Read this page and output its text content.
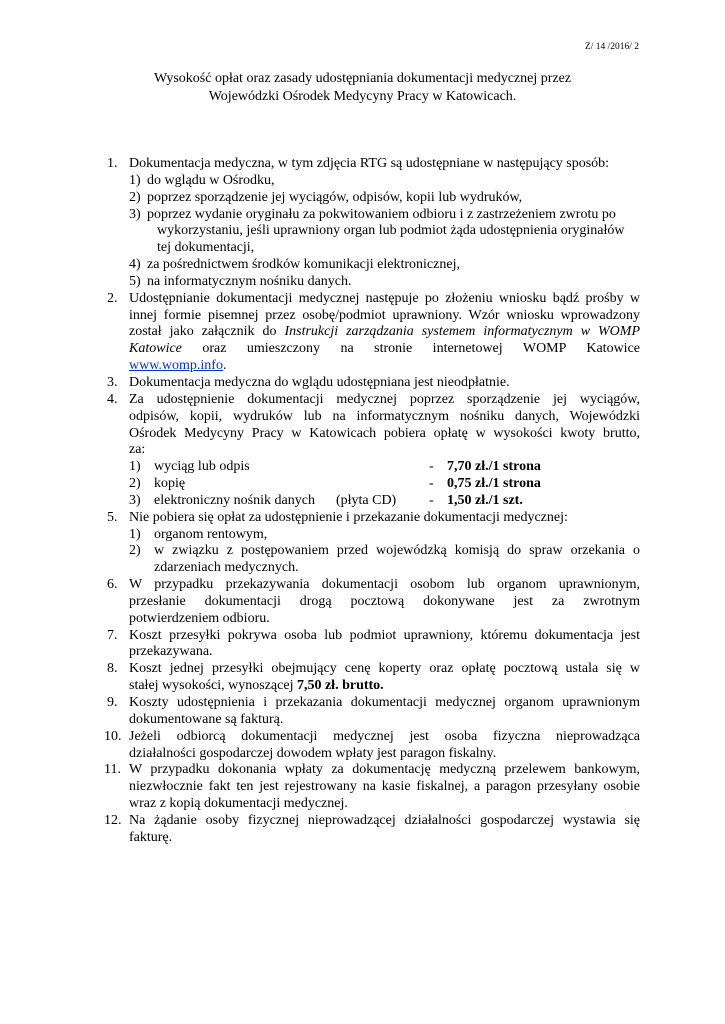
Z/ 14 /2016/ 2
Wysokość opłat oraz zasady udostępniania dokumentacji medycznej przez
Wojewódzki Ośrodek Medycyny Pracy w Katowicach.
1. Dokumentacja medyczna, w tym zdjęcia RTG są udostępniane w następujący sposób:
1) do wglądu w Ośrodku,
2) poprzez sporządzenie jej wyciągów, odpisów, kopii lub wydruków,
3) poprzez wydanie oryginału za pokwitowaniem odbioru i z zastrzeżeniem zwrotu po
wykorzystaniu, jeśli uprawniony organ lub podmiot żąda udostępnienia oryginałów
tej dokumentacji,
4) za pośrednictwem środków komunikacji elektronicznej,
5) na informatycznym nośniku danych.
2. Udostępnianie dokumentacji medycznej następuje po złożeniu wniosku bądź prośby w
innej formie pisemnej przez osobę/podmiot uprawniony. Wzór wniosku wprowadzony
został jako załącznik do Instrukcji zarządzania systemem informatycznym w WOMP
Katowice oraz umieszczony na stronie internetowej WOMP Katowice
www.womp.info.
3. Dokumentacja medyczna do wglądu udostępniana jest nieodpłatnie.
4. Za udostępnienie dokumentacji medycznej poprzez sporządzenie jej wyciągów,
odpisów, kopii, wydruków lub na informatycznym nośniku danych, Wojewódzki
Ośrodek Medycyny Pracy w Katowicach pobiera opłatę w wysokości kwoty brutto,
za:
1) wyciąg lub odpis	- 7,70 zł./1 strona
2) kopię	- 0,75 zł./1 strona
3) elektroniczny nośnik danych      (płyta CD)	- 1,50 zł./1 szt.
5. Nie pobiera się opłat za udostępnienie i przekazanie dokumentacji medycznej:
1) organom rentowym,
2) w związku z postępowaniem przed wojewódzką komisją do spraw orzekania o
zdarzeniach medycznych.
6. W przypadku przekazywania dokumentacji osobom lub organom uprawnionym,
przesłanie dokumentacji drogą pocztową dokonywane jest za zwrotnym
potwierdzeniem odbioru.
7. Koszt przesyłki pokrywa osoba lub podmiot uprawniony, któremu dokumentacja jest
przekazywana.
8. Koszt jednej przesyłki obejmujący cenę koperty oraz opłatę pocztową ustala się w
stałej wysokości, wynoszącej 7,50 zł. brutto.
9. Koszty udostępnienia i przekazania dokumentacji medycznej organom uprawnionym
dokumentowane są fakturą.
10. Jeżeli odbiorcą dokumentacji medycznej jest osoba fizyczna nieprowadząca
działalności gospodarczej dowodem wpłaty jest paragon fiskalny.
11. W przypadku dokonania wpłaty za dokumentację medyczną przelewem bankowym,
niezwłocznie fakt ten jest rejestrowany na kasie fiskalnej, a paragon przesyłany osobie
wraz z kopią dokumentacji medycznej.
12. Na żądanie osoby fizycznej nieprowadzącej działalności gospodarczej wystawia się
fakturę.
